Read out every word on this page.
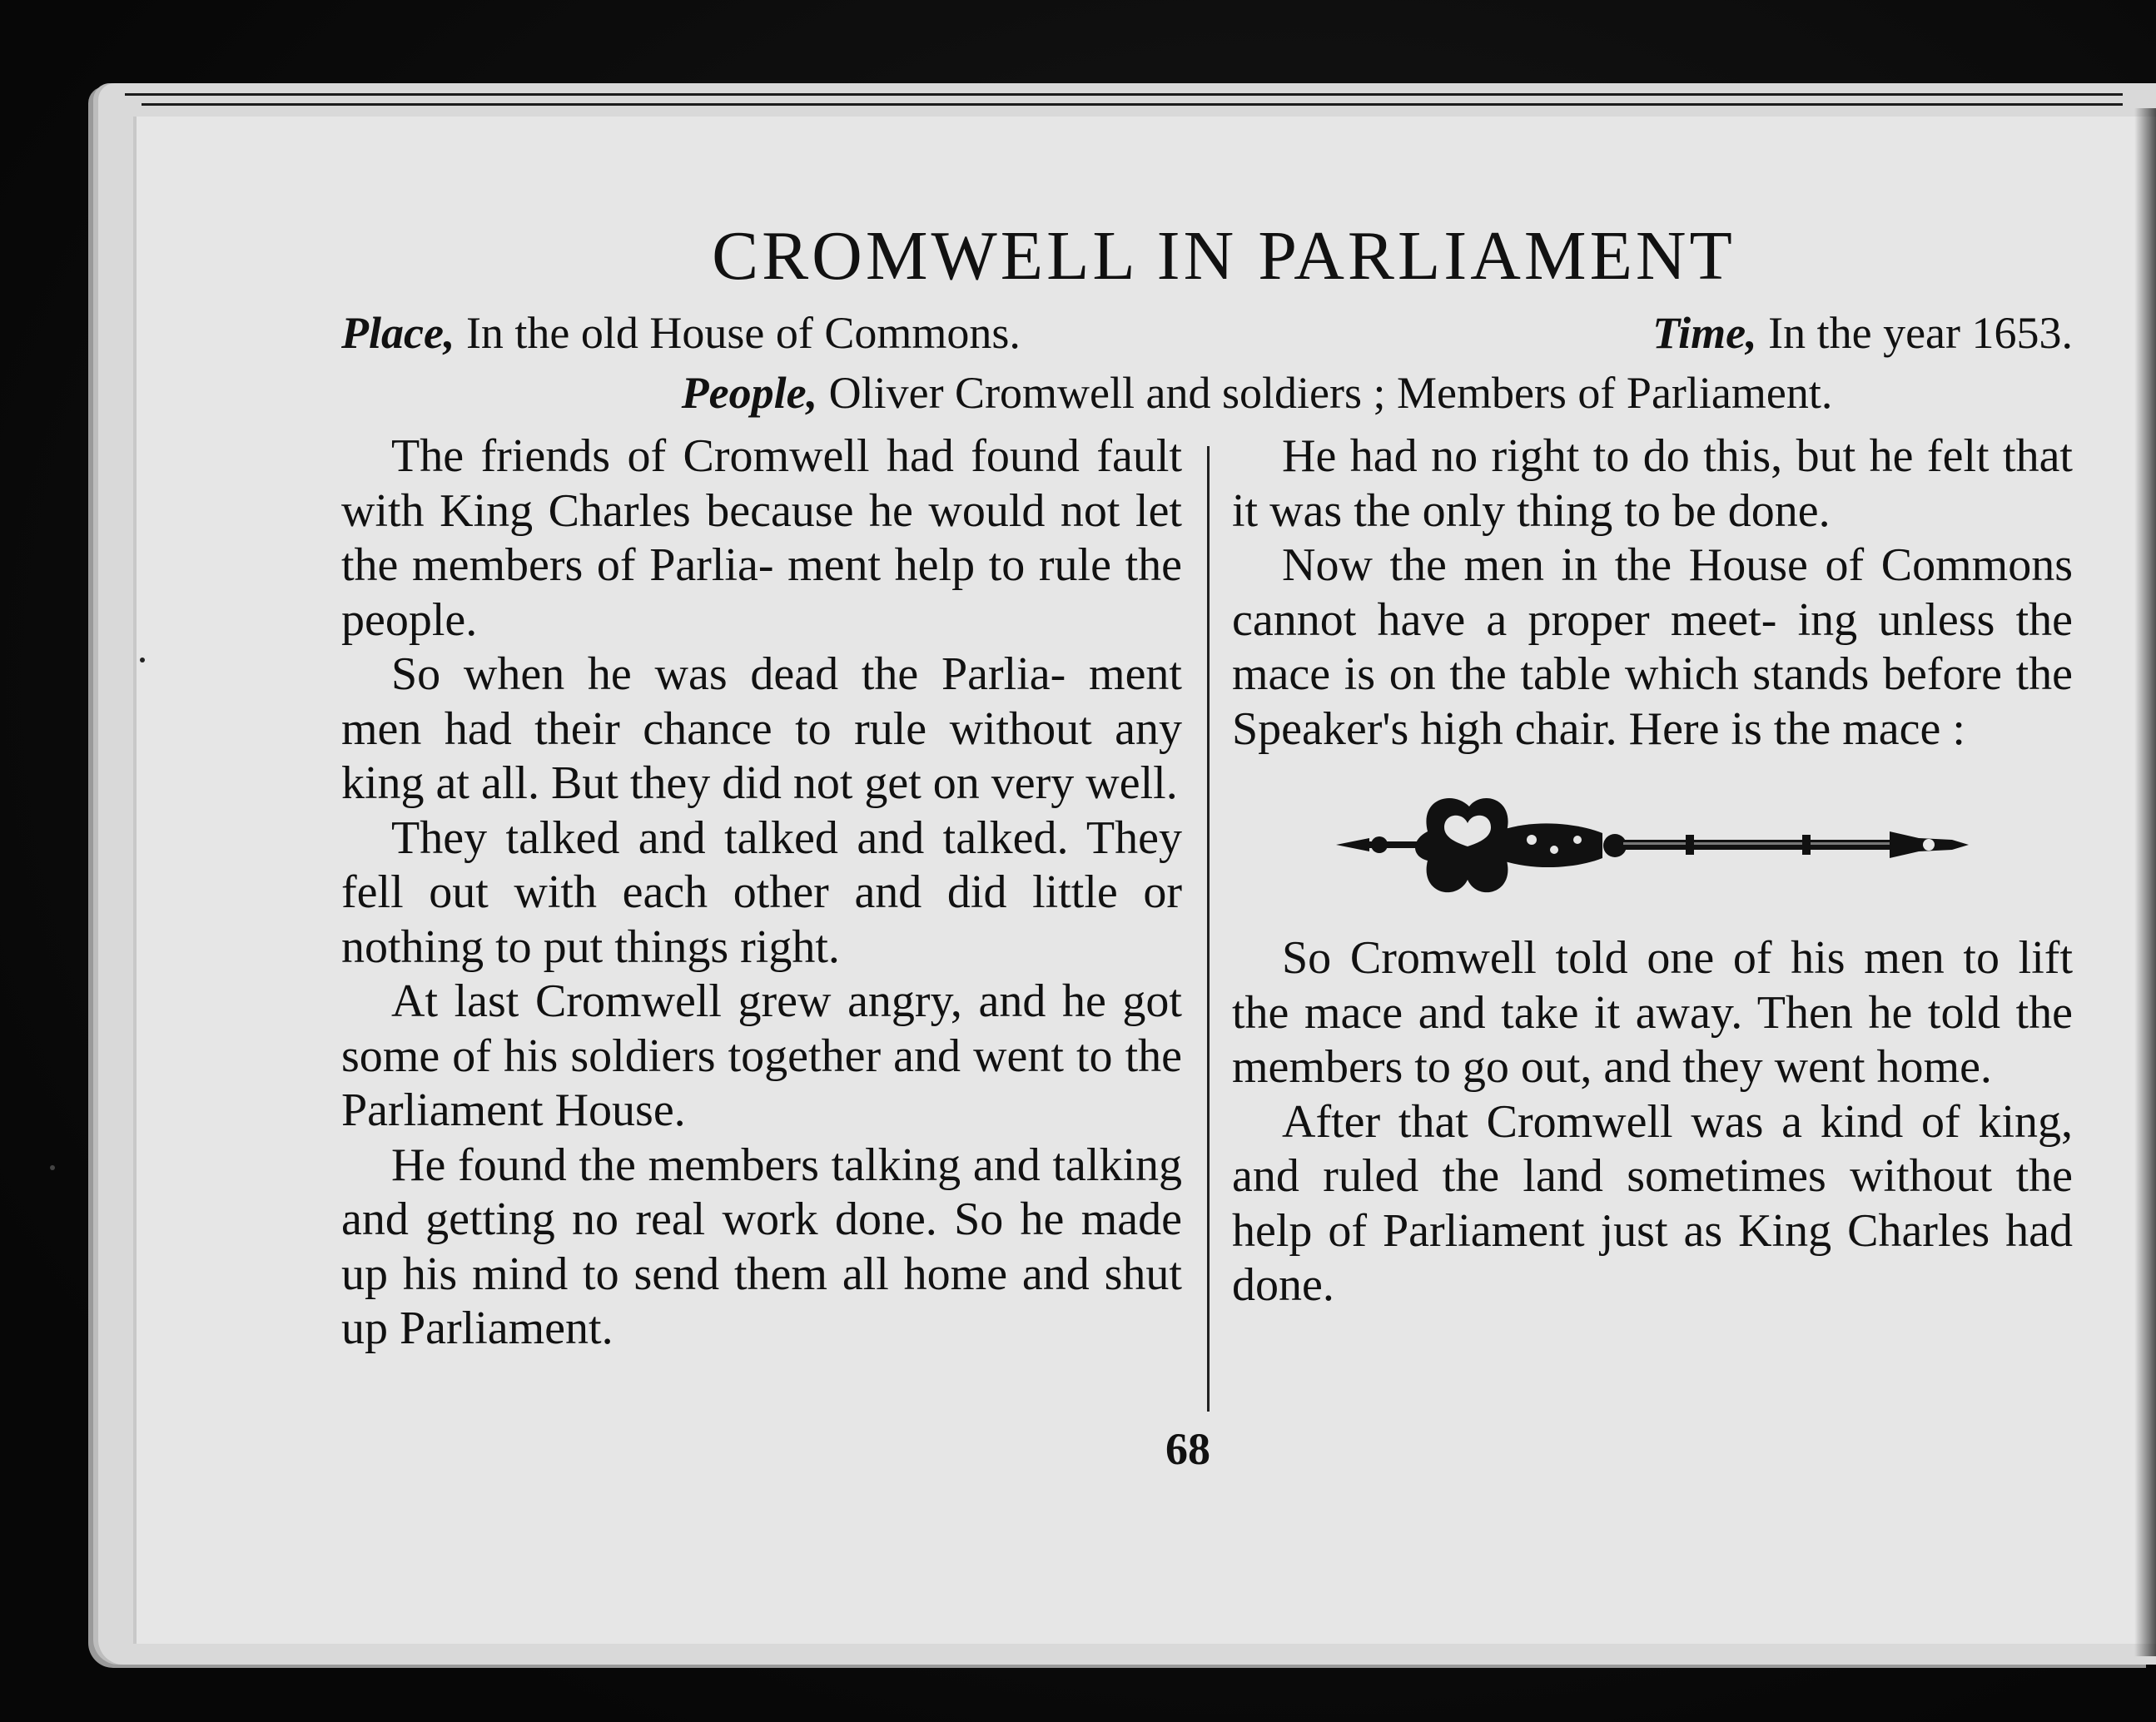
CROMWELL IN PARLIAMENT
Place, In the old House of Commons.	Time, In the year 1653.
People, Oliver Cromwell and soldiers ; Members of Parliament.

The friends of Cromwell had found fault with King Charles because he would not let the members of Parlia- ment help to rule the people.

So when he was dead the Parlia- ment men had their chance to rule without any king at all. But they did not get on very well.

They talked and talked and talked. They fell out with each other and did little or nothing to put things right.

At last Cromwell grew angry, and he got some of his soldiers together and went to the Parliament House.

He found the members talking and talking and getting no real work done. So he made up his mind to send them all home and shut up Parliament.

He had no right to do this, but he felt that it was the only thing to be done.

Now the men in the House of Commons cannot have a proper meet- ing unless the mace is on the table which stands before the Speaker's high chair. Here is the mace :

So Cromwell told one of his men to lift the mace and take it away. Then he told the members to go out, and they went home.

After that Cromwell was a kind of king, and ruled the land sometimes without the help of Parliament just as King Charles had done.

68
